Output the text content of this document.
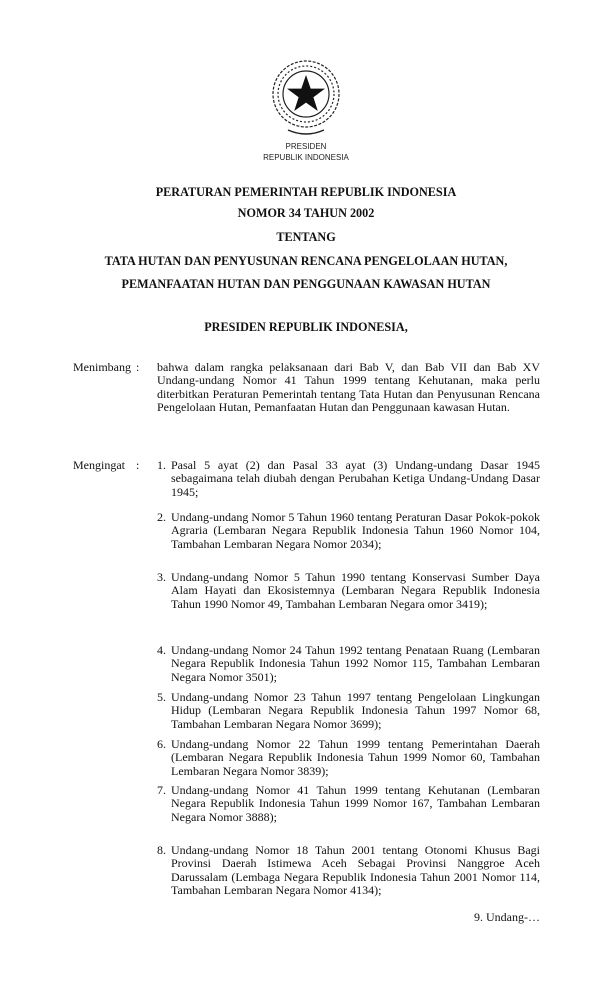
PRESIDEN
REPUBLIK INDONESIA
PERATURAN PEMERINTAH REPUBLIK INDONESIA
NOMOR 34 TAHUN 2002
TENTANG
TATA HUTAN DAN PENYUSUNAN RENCANA PENGELOLAAN HUTAN,
PEMANFAATAN HUTAN DAN PENGGUNAAN KAWASAN HUTAN
PRESIDEN REPUBLIK INDONESIA,
Menimbang : bahwa dalam rangka pelaksanaan dari Bab V, dan Bab VII dan Bab XV Undang-undang Nomor 41 Tahun 1999 tentang Kehutanan, maka perlu diterbitkan Peraturan Pemerintah tentang Tata Hutan dan Penyusunan Rencana Pengelolaan Hutan, Pemanfaatan Hutan dan Penggunaan kawasan Hutan.
Mengingat : 1. Pasal 5 ayat (2) dan Pasal 33 ayat (3) Undang-undang Dasar 1945 sebagaimana telah diubah dengan Perubahan Ketiga Undang-Undang Dasar 1945;
2. Undang-undang Nomor 5 Tahun 1960 tentang Peraturan Dasar Pokok-pokok Agraria (Lembaran Negara Republik Indonesia Tahun 1960 Nomor 104, Tambahan Lembaran Negara Nomor 2034);
3. Undang-undang Nomor 5 Tahun 1990 tentang Konservasi Sumber Daya Alam Hayati dan Ekosistemnya (Lembaran Negara Republik Indonesia Tahun 1990 Nomor 49, Tambahan Lembaran Negara omor 3419);
4. Undang-undang Nomor 24 Tahun 1992 tentang Penataan Ruang (Lembaran Negara Republik Indonesia Tahun 1992 Nomor 115, Tambahan Lembaran Negara Nomor 3501);
5. Undang-undang Nomor 23 Tahun 1997 tentang Pengelolaan Lingkungan Hidup (Lembaran Negara Republik Indonesia Tahun 1997 Nomor 68, Tambahan Lembaran Negara Nomor 3699);
6. Undang-undang Nomor 22 Tahun 1999 tentang Pemerintahan Daerah (Lembaran Negara Republik Indonesia Tahun 1999 Nomor 60, Tambahan Lembaran Negara Nomor 3839);
7. Undang-undang Nomor 41 Tahun 1999 tentang Kehutanan (Lembaran Negara Republik Indonesia Tahun 1999 Nomor 167, Tambahan Lembaran Negara Nomor 3888);
8. Undang-undang Nomor 18 Tahun 2001 tentang Otonomi Khusus Bagi Provinsi Daerah Istimewa Aceh Sebagai Provinsi Nanggroe Aceh Darussalam (Lembaga Negara Republik Indonesia Tahun 2001 Nomor 114, Tambahan Lembaran Negara Nomor 4134);
9. Undang-…
